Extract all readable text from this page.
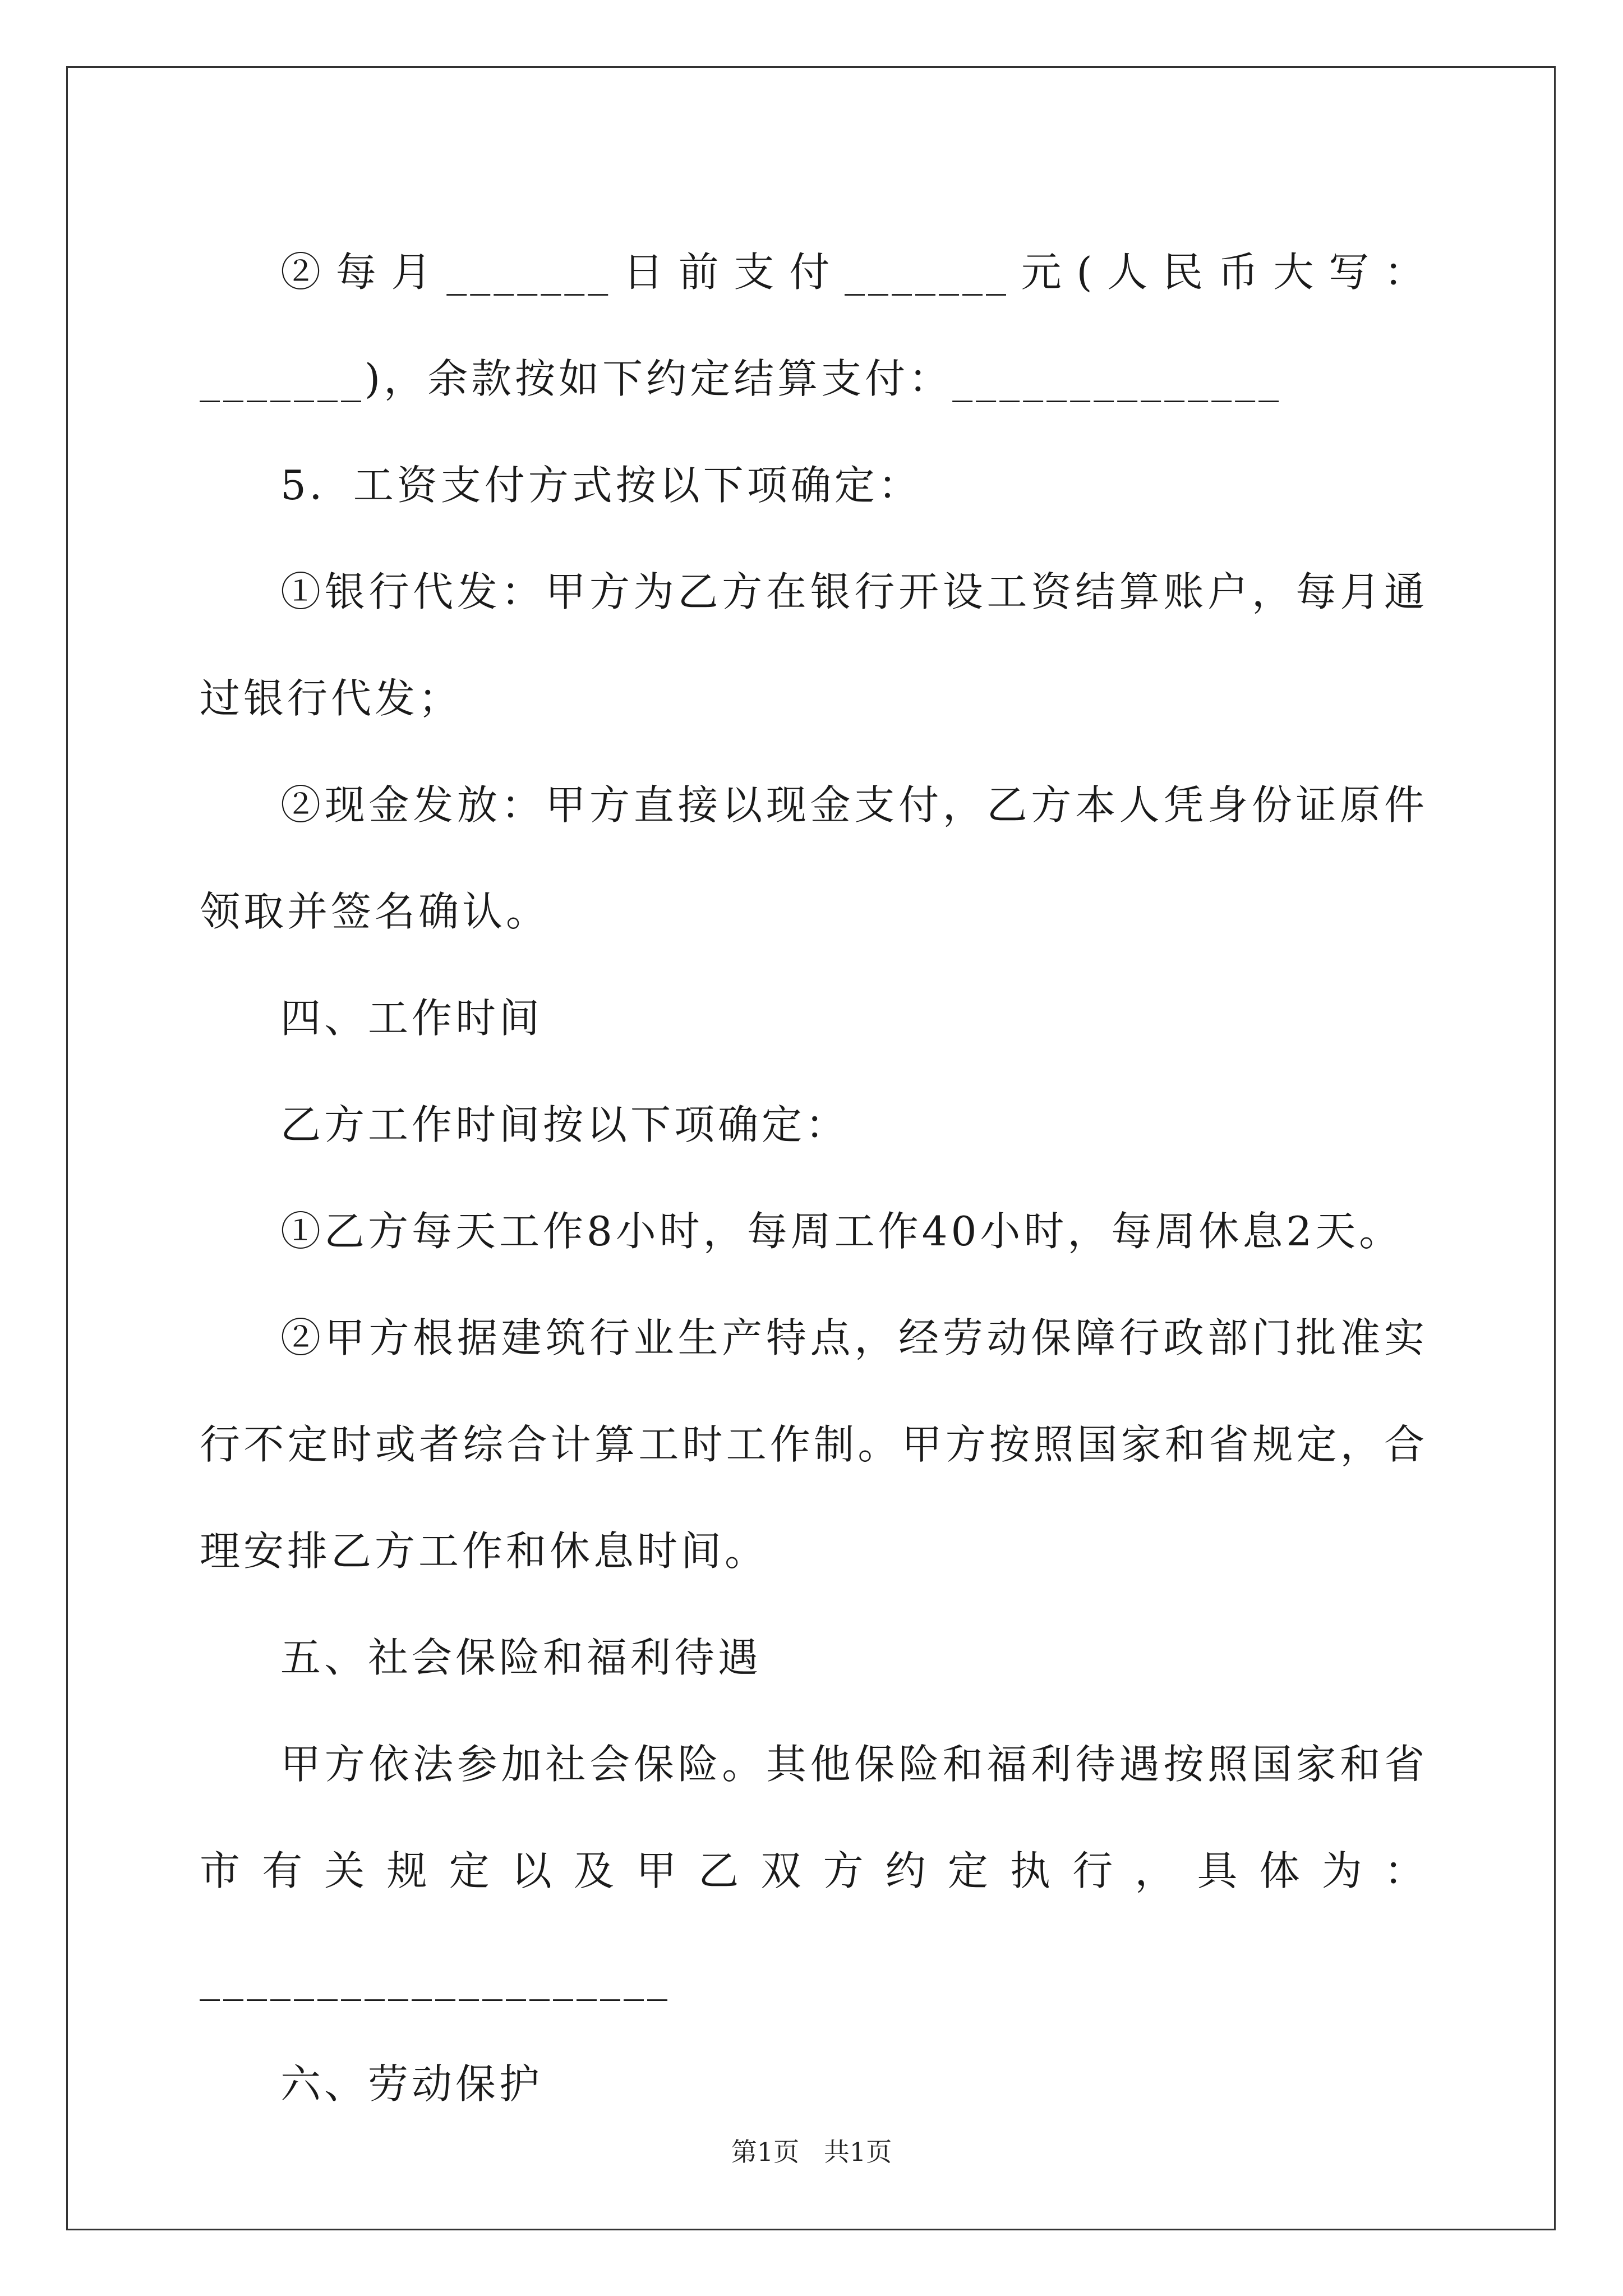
②每月_______日前支付_______元(人民币大写：_______)，余款按如下约定结算支付：______________

5．工资支付方式按以下项确定：

①银行代发：甲方为乙方在银行开设工资结算账户，每月通过银行代发；

②现金发放：甲方直接以现金支付，乙方本人凭身份证原件领取并签名确认。

四、工作时间

乙方工作时间按以下项确定：

①乙方每天工作8小时，每周工作40小时，每周休息2天。

②甲方根据建筑行业生产特点，经劳动保障行政部门批准实行不定时或者综合计算工时工作制。甲方按照国家和省规定，合理安排乙方工作和休息时间。

五、社会保险和福利待遇

甲方依法参加社会保险。其他保险和福利待遇按照国家和省市有关规定以及甲乙双方约定执行，具体为：____________________

六、劳动保护

第1页   共1页
